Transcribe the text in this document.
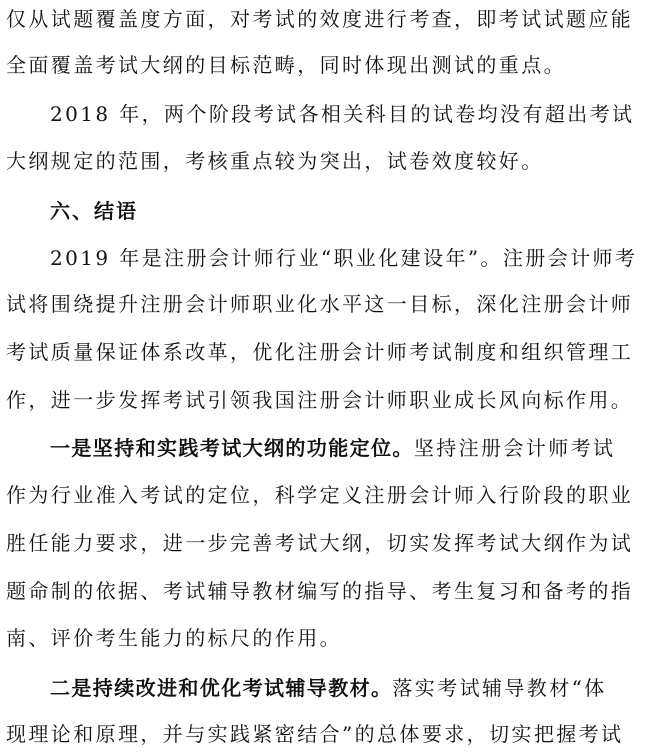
仅从试题覆盖度方面，对考试的效度进行考查，即考试试题应能
全面覆盖考试大纲的目标范畴，同时体现出测试的重点。
2018 年，两个阶段考试各相关科目的试卷均没有超出考试
大纲规定的范围，考核重点较为突出，试卷效度较好。
六、结语
2019 年是注册会计师行业“职业化建设年”。注册会计师考
试将围绕提升注册会计师职业化水平这一目标，深化注册会计师
考试质量保证体系改革，优化注册会计师考试制度和组织管理工
作，进一步发挥考试引领我国注册会计师职业成长风向标作用。
一是坚持和实践考试大纲的功能定位。坚持注册会计师考试
作为行业准入考试的定位，科学定义注册会计师入行阶段的职业
胜任能力要求，进一步完善考试大纲，切实发挥考试大纲作为试
题命制的依据、考试辅导教材编写的指导、考生复习和备考的指
南、评价考生能力的标尺的作用。
二是持续改进和优化考试辅导教材。落实考试辅导教材“体
现理论和原理，并与实践紧密结合”的总体要求，切实把握考试
